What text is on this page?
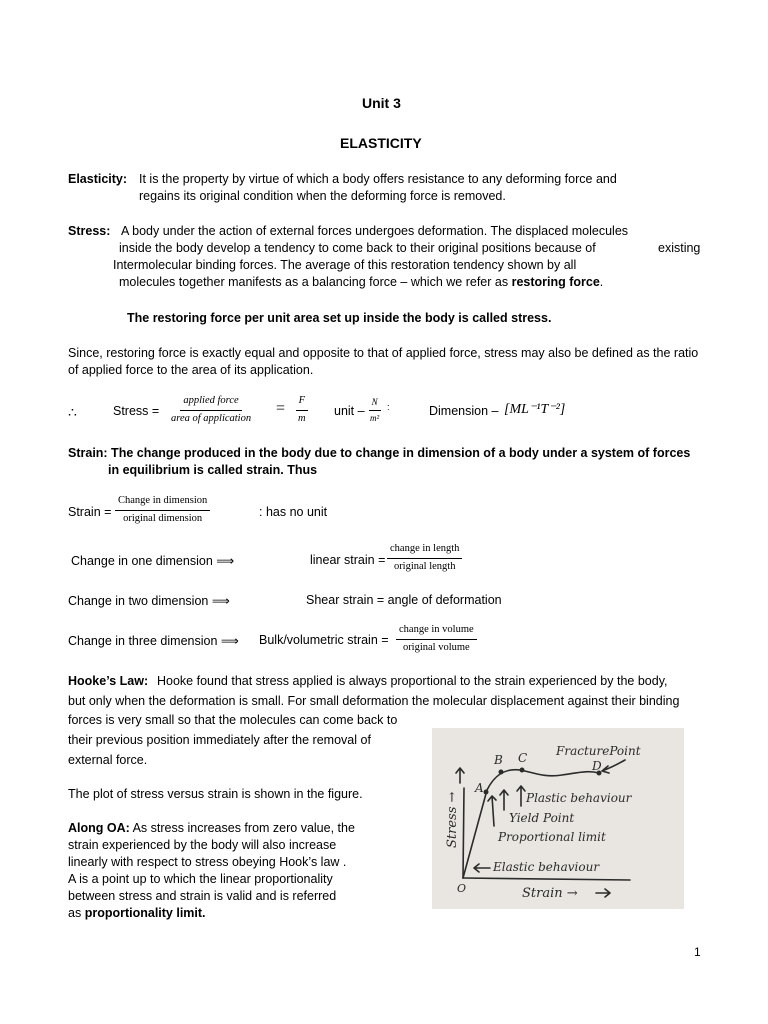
Unit 3
ELASTICITY
Elasticity: It is the property by virtue of which a body offers resistance to any deforming force and
regains its original condition when the deforming force is removed.
Stress: A body under the action of external forces undergoes deformation. The displaced molecules
inside the body develop a tendency to come back to their original positions because of	existing
Intermolecular binding forces. The average of this restoration tendency shown by all
molecules together manifests as a balancing force – which we refer as restoring force.
The restoring force per unit area set up inside the body is called stress.
Since, restoring force is exactly equal and opposite to that of applied force, stress may also be defined as the ratio
of applied force to the area of its application.
∴	Stress =
applied force
area of application
= $\frac{F}{m}$ unit – $\frac{N}{\text{m²}}$ :	Dimension – [ML⁻¹T⁻²]
Strain: The change produced in the body due to change in dimension of a body under a system of forces
in equilibrium is called strain. Thus
Strain =
Change in dimension
original dimension	: has no unit
Change in one dimension ⟹	linear strain =
change in length
original length
Change in two dimension ⟹	Shear strain = angle of deformation
Change in three dimension ⟹ Bulk/volumetric strain =
change in volume
original volume
Hooke’s Law: Hooke found that stress applied is always proportional to the strain experienced by the body,
but only when the deformation is small. For small deformation the molecular displacement against their binding
forces is very small so that the molecules can come back to
their previous position immediately after the removal of
external force.
The plot of stress versus strain is shown in the figure.
Along OA: As stress increases from zero value, the
strain experienced by the body will also increase
linearly with respect to stress obeying Hook’s law .
A is a point up to which the linear proportionality
between stress and strain is valid and is referred
as proportionality limit.
O
A
B C
D
FracturePoint
Plastic behaviour
Yield Point
Proportional limit
Elastic behaviour
Strain →
Stress →
1
